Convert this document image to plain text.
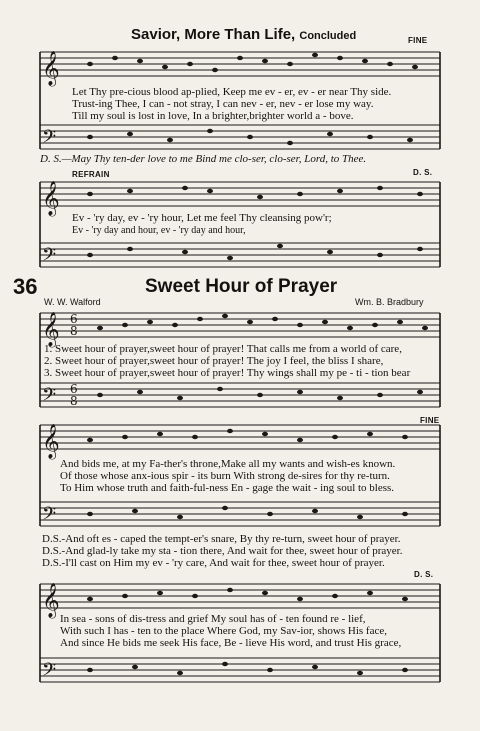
𝄞
𝄢
𝄞
𝄢
𝄞
𝄢
𝄞
𝄢
𝄞
𝄢
6
8
6
8
Savior, More Than Life, Concluded	FINE
Let Thy pre-cious blood ap-plied, Keep me ev - er, ev - er near Thy side.
Trust-ing Thee, I can - not stray, I can nev - er, nev - er lose my way.
Till my soul is lost in love, In a brighter,brighter world a - bove.
D. S.—May Thy ten-der love to me Bind me clo-ser, clo-ser, Lord, to Thee.
REFRAIN	D. S.
Ev - 'ry day, ev - 'ry hour, Let me feel Thy cleansing pow'r;
Ev - 'ry day and hour, ev - 'ry day and hour,
36	Sweet Hour of Prayer
W. W. Walford	Wm. B. Bradbury
1. Sweet hour of prayer,sweet hour of prayer! That calls me from a world of care,
2. Sweet hour of prayer,sweet hour of prayer! The joy I feel, the bliss I share,
3. Sweet hour of prayer,sweet hour of prayer! Thy wings shall my pe - ti - tion bear
FINE
And bids me, at my Fa-ther's throne,Make all my wants and wish-es known.
Of those whose anx-ious spir - its burn With strong de-sires for thy re-turn.
To Him whose truth and faith-ful-ness En - gage the wait - ing soul to bless.
D.S.-And oft es - caped the tempt-er's snare, By thy re-turn, sweet hour of prayer.
D.S.-And glad-ly take my sta - tion there, And wait for thee, sweet hour of prayer.
D.S.-I'll cast on Him my ev - 'ry care, And wait for thee, sweet hour of prayer.
D. S.
In sea - sons of dis-tress and grief My soul has of - ten found re - lief,
With such I has - ten to the place Where God, my Sav-ior, shows His face,
And since He bids me seek His face, Be - lieve His word, and trust His grace,
